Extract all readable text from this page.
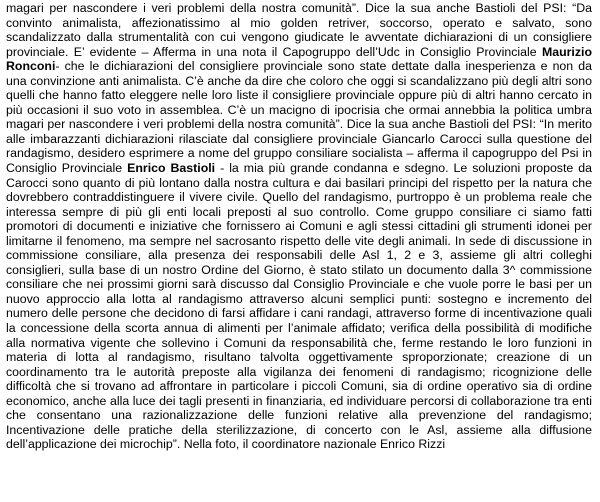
magari per nascondere i veri problemi della nostra comunità”. Dice la sua anche Bastioli del PSI: “Da convinto animalista, affezionatissimo al mio golden retriver, soccorso, operato e salvato, sono scandalizzato dalla strumentalità con cui vengono giudicate le avventate dichiarazioni di un consigliere provinciale. E’ evidente – Afferma in una nota il Capogruppo dell’Udc in Consiglio Provinciale Maurizio Ronconi- che le dichiarazioni del consigliere provinciale sono state dettate dalla inesperienza e non da una convinzione anti animalista. C’è anche da dire che coloro che oggi si scandalizzano più degli altri sono quelli che hanno fatto eleggere nelle loro liste il consigliere provinciale oppure più di altri hanno cercato in più occasioni il suo voto in assemblea. C’è un macigno di ipocrisia che ormai annebbia la politica umbra magari per nascondere i veri problemi della nostra comunità”. Dice la sua anche Bastioli del PSI: “In merito alle imbarazzanti dichiarazioni rilasciate dal consigliere provinciale Giancarlo Carocci sulla questione del randagismo, desidero esprimere a nome del gruppo consiliare socialista – afferma il capogruppo del Psi in Consiglio Provinciale Enrico Bastioli - la mia più grande condanna e sdegno. Le soluzioni proposte da Carocci sono quanto di più lontano dalla nostra cultura e dai basilari principi del rispetto per la natura che dovrebbero contraddistinguere il vivere civile. Quello del randagismo, purtroppo è un problema reale che interessa sempre di più gli enti locali preposti al suo controllo. Come gruppo consiliare ci siamo fatti promotori di documenti e iniziative che fornissero ai Comuni e agli stessi cittadini gli strumenti idonei per limitarne il fenomeno, ma sempre nel sacrosanto rispetto delle vite degli animali. In sede di discussione in commissione consiliare, alla presenza dei responsabili delle Asl 1, 2 e 3, assieme gli altri colleghi consiglieri, sulla base di un nostro Ordine del Giorno, è stato stilato un documento dalla 3^ commissione consiliare che nei prossimi giorni sarà discusso dal Consiglio Provinciale e che vuole porre le basi per un nuovo approccio alla lotta al randagismo attraverso alcuni semplici punti: sostegno e incremento del numero delle persone che decidono di farsi affidare i cani randagi, attraverso forme di incentivazione quali la concessione della scorta annua di alimenti per l’animale affidato; verifica della possibilità di modifiche alla normativa vigente che sollevino i Comuni da responsabilità che, ferme restando le loro funzioni in materia di lotta al randagismo, risultano talvolta oggettivamente sproporzionate; creazione di un coordinamento tra le autorità preposte alla vigilanza dei fenomeni di randagismo; ricognizione delle difficoltà che si trovano ad affrontare in particolare i piccoli Comuni, sia di ordine operativo sia di ordine economico, anche alla luce dei tagli presenti in finanziaria, ed individuare percorsi di collaborazione tra enti che consentano una razionalizzazione delle funzioni relative alla prevenzione del randagismo; Incentivazione delle pratiche della sterilizzazione, di concerto con le Asl, assieme alla diffusione dell’applicazione dei microchip”. Nella foto, il coordinatore nazionale Enrico Rizzi
